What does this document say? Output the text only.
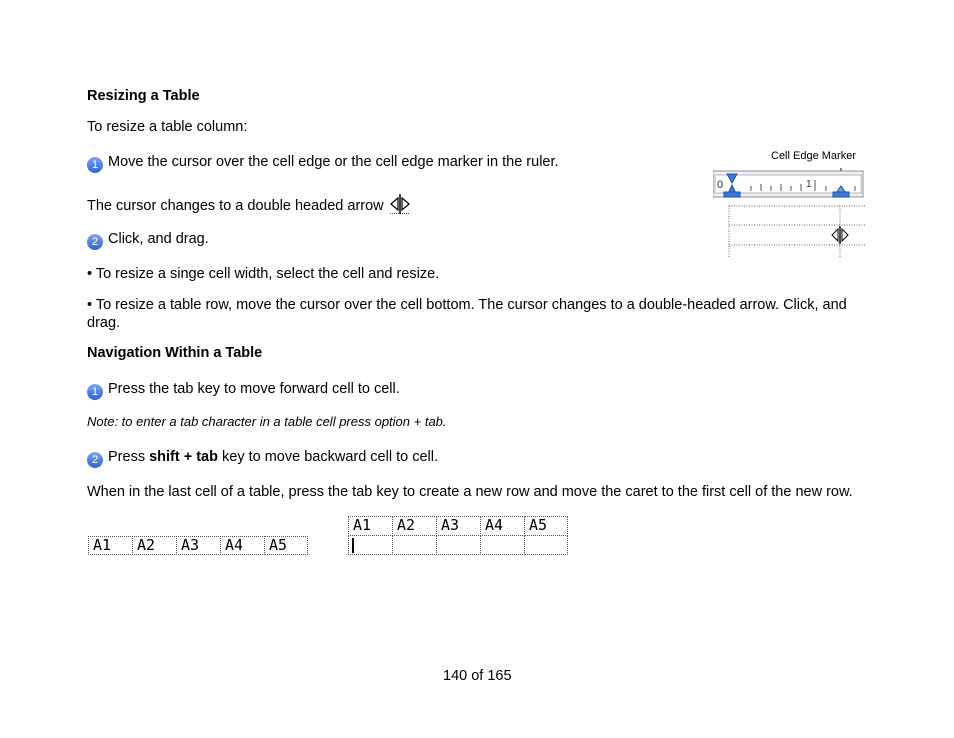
Resizing a Table
To resize a table column:
1 Move the cursor over the cell edge or the cell edge marker in the ruler.
The cursor changes to a double headed arrow
2 Click, and drag.
• To resize a singe cell width, select the cell and resize.
• To resize a table row, move the cursor over the cell bottom. The cursor changes to a double-headed arrow. Click, and drag.
Cell Edge Marker
0	1
Navigation Within a Table
1 Press the tab key to move forward cell to cell.
Note: to enter a tab character in a table cell press option + tab.
2 Press shift + tab key to move backward cell to cell.
When in the last cell of a table, press the tab key to create a new row and move the caret to the first cell of the new row.
A1	A2	A3	A4	A5
A1	A2	A3	A4	A5
140 of 165
